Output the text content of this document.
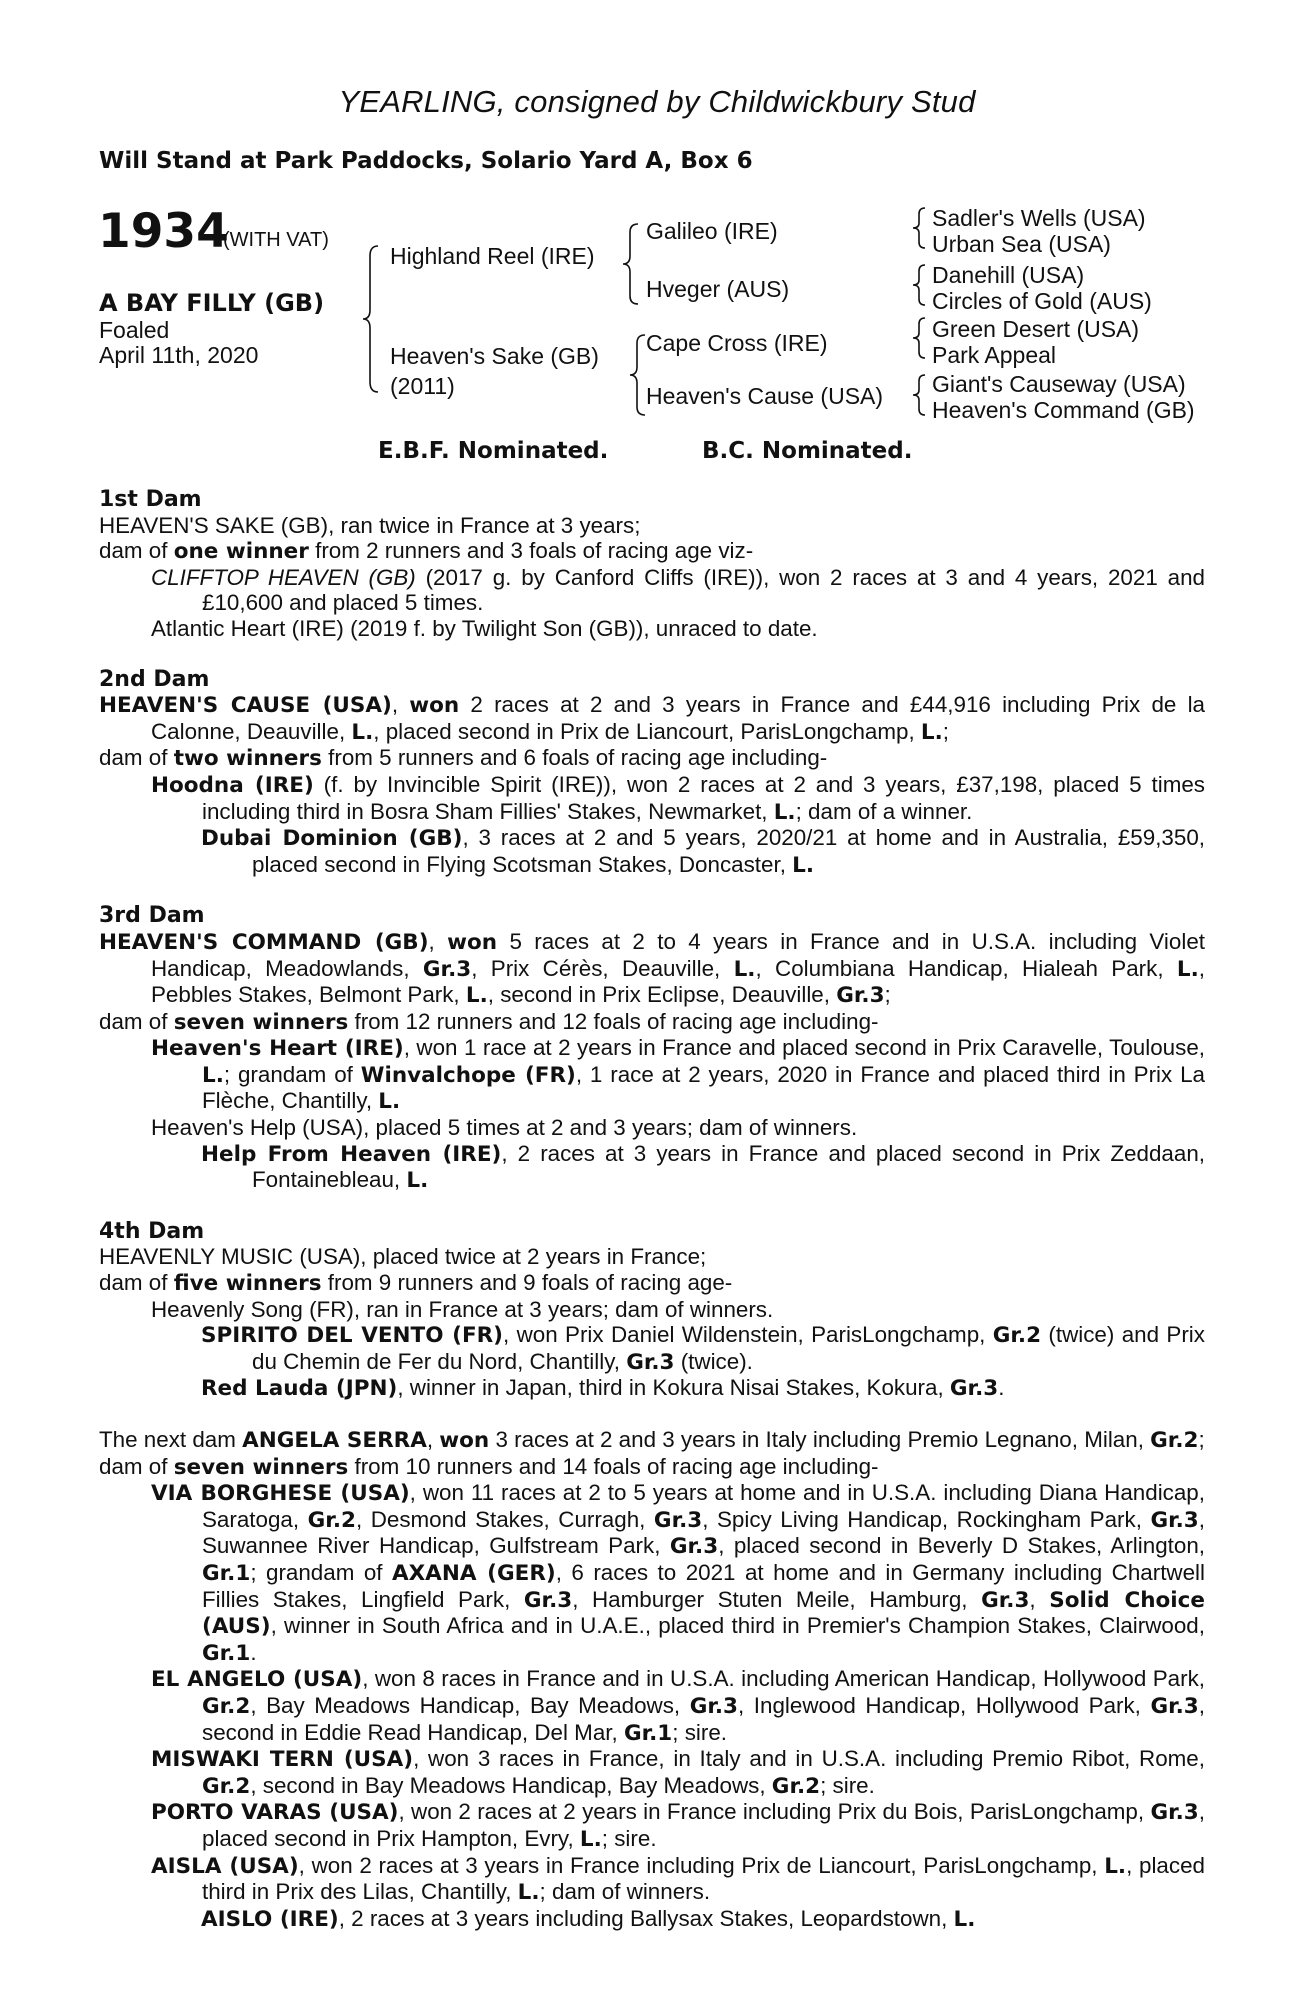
YEARLING, consigned by Childwickbury Stud
Will Stand at Park Paddocks, Solario Yard A, Box 6
1934
(WITH VAT)
A BAY FILLY (GB)
Foaled
April 11th, 2020
Highland Reel (IRE)
Heaven's Sake (GB)
(2011)
Galileo (IRE)
Hveger (AUS)
Cape Cross (IRE)
Heaven's Cause (USA)
Sadler's Wells (USA)
Urban Sea (USA)
Danehill (USA)
Circles of Gold (AUS)
Green Desert (USA)
Park Appeal
Giant's Causeway (USA)
Heaven's Command (GB)
E.B.F. Nominated.	B.C. Nominated.
1st Dam
HEAVEN'S SAKE (GB), ran twice in France at 3 years;
dam of one winner from 2 runners and 3 foals of racing age viz-
CLIFFTOP HEAVEN (GB) (2017 g. by Canford Cliffs (IRE)), won 2 races at 3 and 4 years, 2021 and £10,600 and placed 5 times.
Atlantic Heart (IRE) (2019 f. by Twilight Son (GB)), unraced to date.
2nd Dam
HEAVEN'S CAUSE (USA), won 2 races at 2 and 3 years in France and £44,916 including Prix de la Calonne, Deauville, L., placed second in Prix de Liancourt, ParisLongchamp, L.;
dam of two winners from 5 runners and 6 foals of racing age including-
Hoodna (IRE) (f. by Invincible Spirit (IRE)), won 2 races at 2 and 3 years, £37,198, placed 5 times including third in Bosra Sham Fillies' Stakes, Newmarket, L.; dam of a winner.
Dubai Dominion (GB), 3 races at 2 and 5 years, 2020/21 at home and in Australia, £59,350, placed second in Flying Scotsman Stakes, Doncaster, L.
3rd Dam
HEAVEN'S COMMAND (GB), won 5 races at 2 to 4 years in France and in U.S.A. including Violet Handicap, Meadowlands, Gr.3, Prix Cérès, Deauville, L., Columbiana Handicap, Hialeah Park, L., Pebbles Stakes, Belmont Park, L., second in Prix Eclipse, Deauville, Gr.3;
dam of seven winners from 12 runners and 12 foals of racing age including-
Heaven's Heart (IRE), won 1 race at 2 years in France and placed second in Prix Caravelle, Toulouse, L.; grandam of Winvalchope (FR), 1 race at 2 years, 2020 in France and placed third in Prix La Flèche, Chantilly, L.
Heaven's Help (USA), placed 5 times at 2 and 3 years; dam of winners.
Help From Heaven (IRE), 2 races at 3 years in France and placed second in Prix Zeddaan, Fontainebleau, L.
4th Dam
HEAVENLY MUSIC (USA), placed twice at 2 years in France;
dam of five winners from 9 runners and 9 foals of racing age-
Heavenly Song (FR), ran in France at 3 years; dam of winners.
SPIRITO DEL VENTO (FR), won Prix Daniel Wildenstein, ParisLongchamp, Gr.2 (twice) and Prix du Chemin de Fer du Nord, Chantilly, Gr.3 (twice).
Red Lauda (JPN), winner in Japan, third in Kokura Nisai Stakes, Kokura, Gr.3.
The next dam ANGELA SERRA, won 3 races at 2 and 3 years in Italy including Premio Legnano, Milan, Gr.2;
dam of seven winners from 10 runners and 14 foals of racing age including-
VIA BORGHESE (USA), won 11 races at 2 to 5 years at home and in U.S.A. including Diana Handicap, Saratoga, Gr.2, Desmond Stakes, Curragh, Gr.3, Spicy Living Handicap, Rockingham Park, Gr.3, Suwannee River Handicap, Gulfstream Park, Gr.3, placed second in Beverly D Stakes, Arlington, Gr.1; grandam of AXANA (GER), 6 races to 2021 at home and in Germany including Chartwell Fillies Stakes, Lingfield Park, Gr.3, Hamburger Stuten Meile, Hamburg, Gr.3, Solid Choice (AUS), winner in South Africa and in U.A.E., placed third in Premier's Champion Stakes, Clairwood, Gr.1.
EL ANGELO (USA), won 8 races in France and in U.S.A. including American Handicap, Hollywood Park, Gr.2, Bay Meadows Handicap, Bay Meadows, Gr.3, Inglewood Handicap, Hollywood Park, Gr.3, second in Eddie Read Handicap, Del Mar, Gr.1; sire.
MISWAKI TERN (USA), won 3 races in France, in Italy and in U.S.A. including Premio Ribot, Rome, Gr.2, second in Bay Meadows Handicap, Bay Meadows, Gr.2; sire.
PORTO VARAS (USA), won 2 races at 2 years in France including Prix du Bois, ParisLongchamp, Gr.3, placed second in Prix Hampton, Evry, L.; sire.
AISLA (USA), won 2 races at 3 years in France including Prix de Liancourt, ParisLongchamp, L., placed third in Prix des Lilas, Chantilly, L.; dam of winners.
AISLO (IRE), 2 races at 3 years including Ballysax Stakes, Leopardstown, L.
